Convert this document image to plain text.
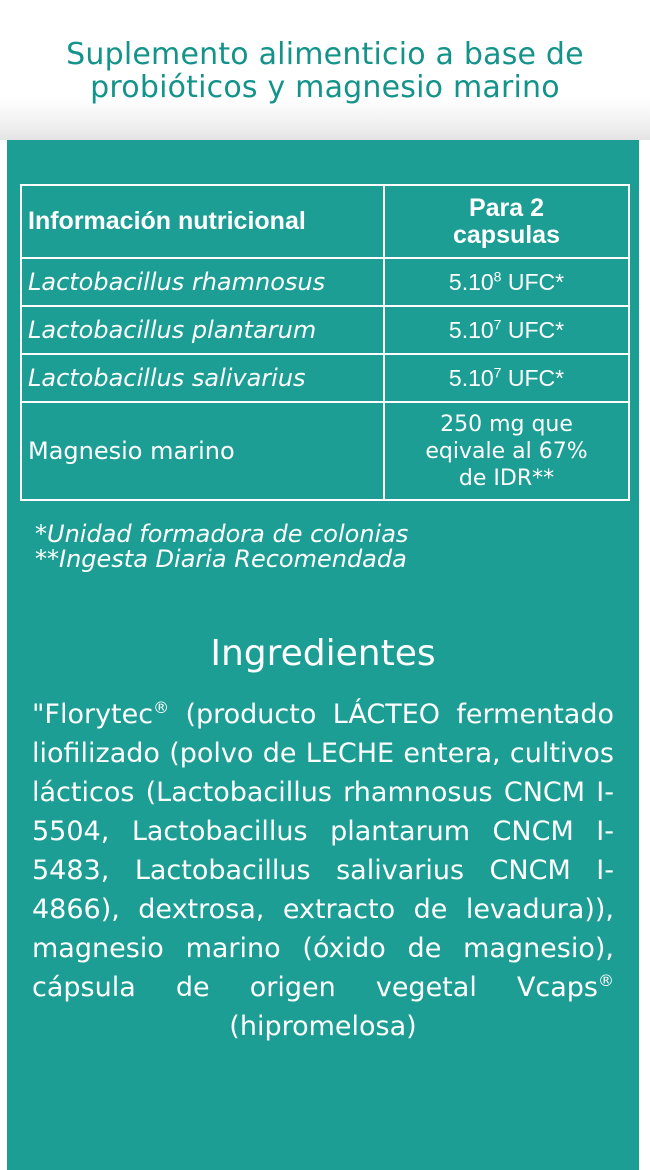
Suplemento alimenticio a base de
probióticos y magnesio marino
Información nutricional	Para 2
capsulas

Lactobacillus rhamnosus	5.10$^8$ UFC*
Lactobacillus plantarum	5.10$^7$ UFC*
Lactobacillus salivarius	5.10$^7$ UFC*
Magnesio marino	250 mg que
eqivale al 67%
de IDR**
*Unidad formadora de colonias
**Ingesta Diaria Recomendada
Ingredientes
"Florytec® (producto LÁCTEO fermentado liofilizado (polvo de LECHE entera, cultivos lácticos (Lactobacillus rhamnosus CNCM I-5504, Lactobacillus plantarum CNCM I-5483, Lactobacillus salivarius CNCM I-4866), dextrosa, extracto de levadura)), magnesio marino (óxido de magnesio), cápsula de origen vegetal Vcaps® (hipromelosa)
